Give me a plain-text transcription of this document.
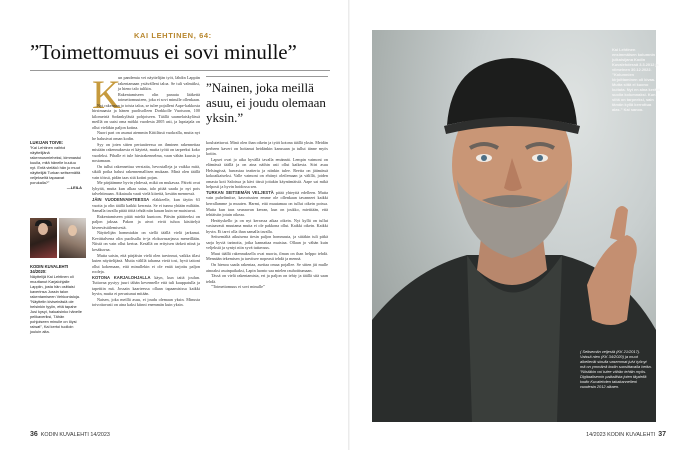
KAI LEHTINEN, 64:
”Toimettomuus ei sovi minulle”
LUKIJAN TOIVE:
”Kai Lehtinen vaihtoi näyttelijänä rakennusmieheksi, kimmastui kuulla, mitä hänelle kuuluu nyt. Entä vieläkö hän jo muut näyttelijät Turkan seitsemältä veljekseltä tapaavat porukalla?”
—LEILA
KODIN KUVALEHTI 34/2020:
Näyttelijä Kai Lehtinen oli muuttanut Karjalohjalle Lappiin, josta hän osittaisi kaverinsa Jussin talon rakentamiseen Vehkontaloja. ”Näyttelin kiviseinäsiä ole helsinkin tyylin, että tapahe Jusi kysyi, haluaisinko hänelle pelikaveriksi, Tähän pohjoiseen minulle on löysi raiwat”, Kai kertoi tuolloin jouluin alta.
K

un pandemia vei näyttelijän työt, lähdin Lappiin rakentamaan ystävälleni taloa. Se tuli valmiiksi, ja hieno talo tulikin.

Rakentamiseen olin paraata lääkettä toimettomuuteen, joka ei sovi minulle ollenkaan.

Nyt rakennan jo toista taloa, se tulee pojalleni Aape-kakkosta hirsimaasta ja hänen puolisolleen Dorkkolle Vuotsoon, 100 kilometriä Sodankylästä pohjoiseen. Täällä saamelaiskylässä meillä on uutsi oma mökki vuodesta 2005 asti, ja lapsiajala on ollut vieläkin paljon kotina.

Nuori pari on asunut aiemmin Kittilässä vuokralla, mutta nyt he halusivat oman kodin.

Syy on joten sitten periaatteessa on ihminen rakennettaa mistään rakennuksesta ei käytetä, mutta työtä on tarpeeksi koko vuodeksi. Pihalle ei tule hirsirakennelma, vaan vähän kuusia ja nostamaan.

On tullut rakennettua verstaita, hevostalleja ja vaikka mitä, sikäli poika halusi rakennemallisen mukaan. Minä olen täällä vain töissä, pidän taas sitä kotini pojan.

Me pärjäämme hyvin yhdessä, mikä on mukavaa. Päivät ovat lyhyitä, mutta kun alkaa sataa, talo pitää saada jo nyt pois talvehtimaan. Aikataulu vaati vielä kiirettä, kesään mennessä.

JÄIN VUODENVAIHTEESSA eläkkeelle, kun täytin 63 vuotta ja olin täällä kaikki kerrasta. Se ei tunnu yhtään miltään. Samalla tavalla pitää töitä tehdä niin kauan kuin ne maistuvat.

Rakentamiseen pitää mieltä kuntoon. Päivän päätteeksi on paljon jaksaa. Pakon ja aivot eivät tuhoa käsittelyä kivenväsäilemisestä.

Näyttelijän hommiakin on siellä täällä vielä jarkanut. Kevättalvena olin puolisalla tv-ja elokuvasarjassa meneillään. Niistä on vain ollut kertoa. Kesällä on erityisen tärkeä niinä ja kesäkuvaa.

Mutta saisin, että pärjäisin vielä olen tarvinnut, vaikka tilasi kuten näyttelijänä. Mutta välillä tahansa vietä tosi, hyvä taitoni ollut kokemaan, että minullekin ei ole enää tarjottu paljon rooleja.

KOTONA KARJALOHJALLA käyn, kun taitä joulun. Tuttavaa pystyy juuri tähän kevennelle että tuli kauppatulla ja tapettiin mä. Jossain kaarteessa ollaan tapaamisissa kaikki hyvin, mutta ei perustunut mitään.

Naisen, joka meillä asuu, ei joudu olemaan yksin. Minusta toivottavasti on aina kaksi kiinni enemmän kuin yksin.

”Nainen, joka meillä asuu, ei joudu olemaan yksin.”

koulutettavat. Minä olen ihan oikein ja tytöt kotona täällä yksin. Meidän perheen kaveri on hoitanut heidänkin kanssaan ja tullut tänne myös kotiin.

Lapset ovat jo aika hyvällä tavalla emännät. Lempin vaimoni on elämässä täällä ja on aina näihin asti ollut kaikesta. Siiri asuu Helsingissä, harrastaa teatteria ja niinkin tulee. Reetta on jäämässä kokoaikaiseksi. Valle vaimoni on ehtinyt oleilemaan ja välillä, joiden omasta koti Saloissa ja kävi tässä joitakin käyntimäisiä. Aape sai mikä helposti ja hyvin hoidossa sen.

TURKAN SEITSEMÄN VELJESTÄ pitää yhteyttä edelleen. Mutta vain puhelimitse, kasvotusten emme ole ollenkaan tavanneet kaikki kerrallamme ja muuten. Harmi, että muutamaa on tullut oikein poissa. Mutta kun taas seuraavan kerran, kun on joukko, mietitään, että tehtäisiin jotain oikeaa.

Herätyskello ja on nyt kerrassa aikaa oikein. Nyt kyllä on tullut vastaavasti muutama mutta ei ole pakkona ollut. Kaikki oikein. Kaikki hyvin. Ei tarvi olla ihan samalla tavalla.

Seitsemältä aikuisena tiesin paljon hommasta, ja siitäkin tuli pitkä sarja hyviä tarinoita, jotka kannattaa muistaa. Ollaan jo vähän kuin veljeksiä ja syntyi niin syvä tuttavuus.

Muut täällä rakennuksella ovat nuoria, ilman on ihan helppo tehdä. Mennään tekemisen ja tarvitsee nopeasti tehdä ja mennä.

On hienoa saada rakentaa, asettaa omaa pojallee. Se sitten jäi mulle ainoaksi asuinpaikaksi, Lapin luonto saa mielen rauhoittumaan.

Tässä on vielä rakentamista, eri ja paljon on tehty ja täällä sitä saan tehdä.

”Toimettomuus ei sovi minulle”

36 KODIN KUVALEHTI 14/2023	14/2023 KODIN KUVALEHTI 37
Kai Lehtinen ensimmäisen kolumnin julkaisijana Kodin Kuvalehdessä 3.3.2012 ja viimeinen 30.12.2022. ”Kolumnien kirjoittaminen oli kivaa. Mutta siitä ei kuono kuitata. Nyt en aina kerätä suolia kolumnaksi. Kun siitä on tarpeeksi, sain tämän kyllä kerrottua alas.” Kai sanoo.
( Seitsemän veljestä (KK 21/2017). Vaissä nieo (KK 34/2020) ja muut alkeilevät sinulla vasemmat julvi työnyt mä on ymmärrä kodin suosittavalla hetka. ”Niistäkin voi tulee vähän tehtiin myös. Digitaalisemin paikallista joten täydellä kodin Kuvalehden takakannelleni vuodesta 2012 alkaen.
